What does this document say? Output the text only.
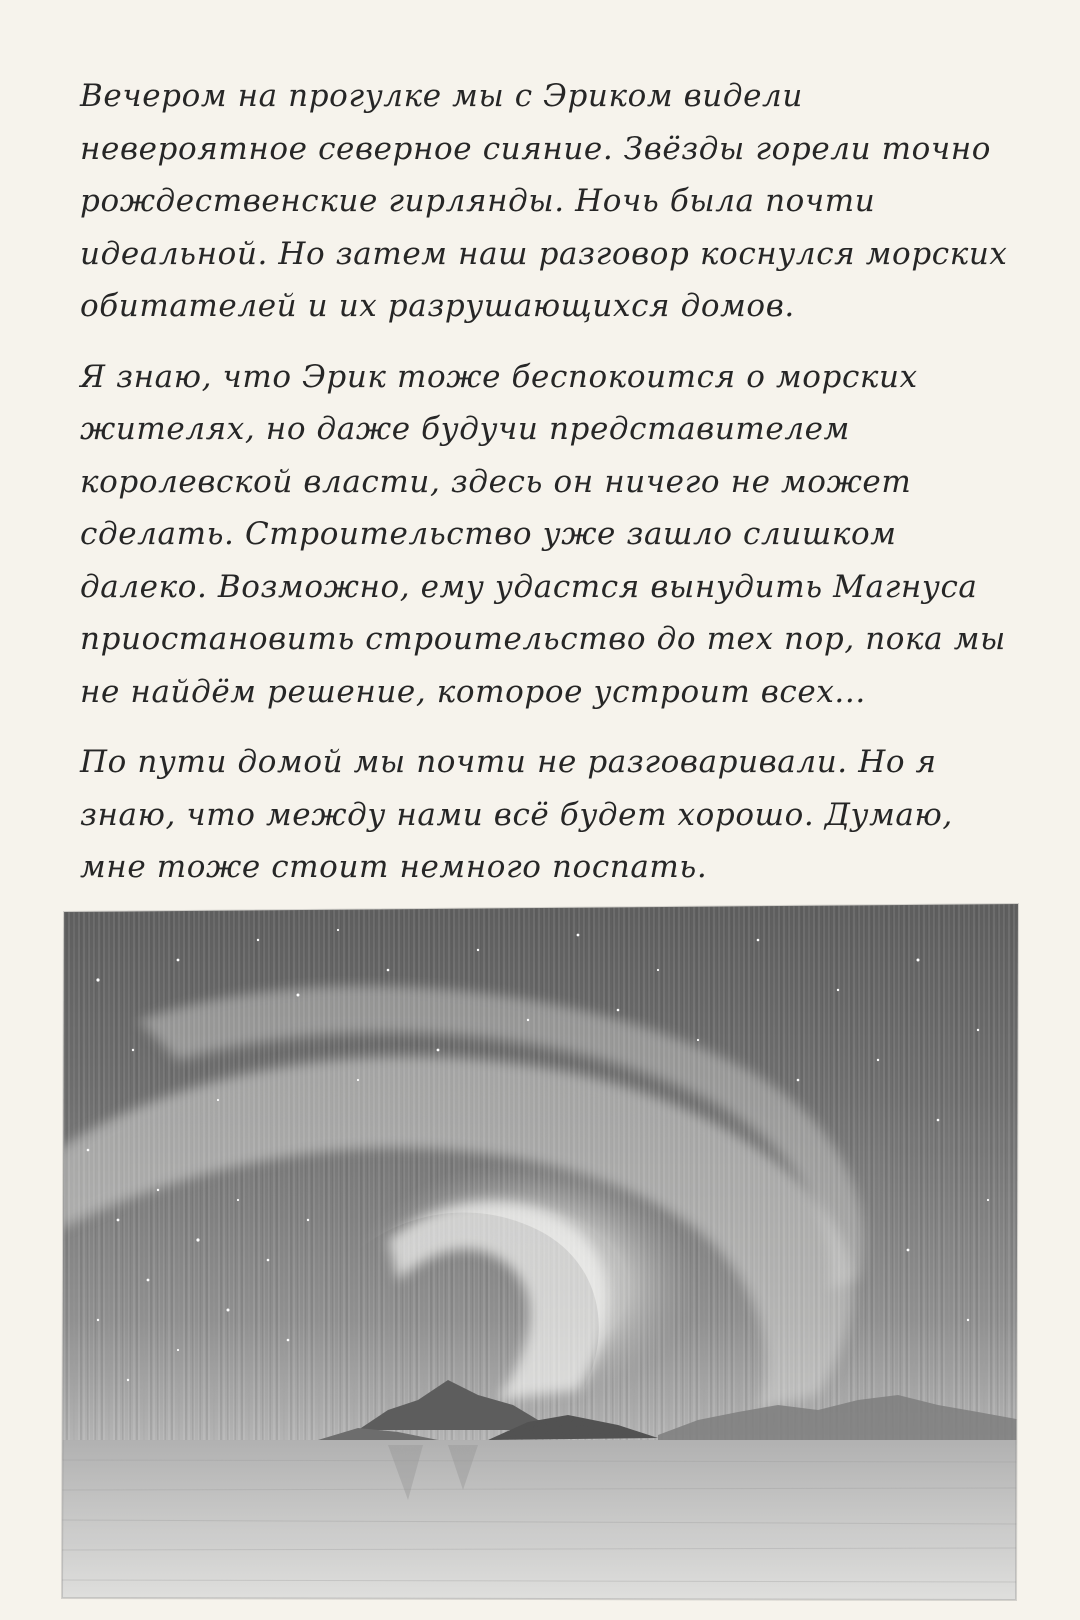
Вечером на прогулке мы с Эриком видели невероятное северное сияние. Звёзды горели точно рождественские гирлянды. Ночь была почти идеальной. Но затем наш разговор коснулся морских обитателей и их разрушающихся домов.

Я знаю, что Эрик тоже беспокоится о морских жителях, но даже будучи представителем королевской власти, здесь он ничего не может сделать. Строительство уже зашло слишком далеко. Возможно, ему удастся вынудить Магнуса приостановить строительство до тех пор, пока мы не найдём решение, которое устроит всех...

По пути домой мы почти не разговаривали. Но я знаю, что между нами всё будет хорошо. Думаю, мне тоже стоит немного поспать.
